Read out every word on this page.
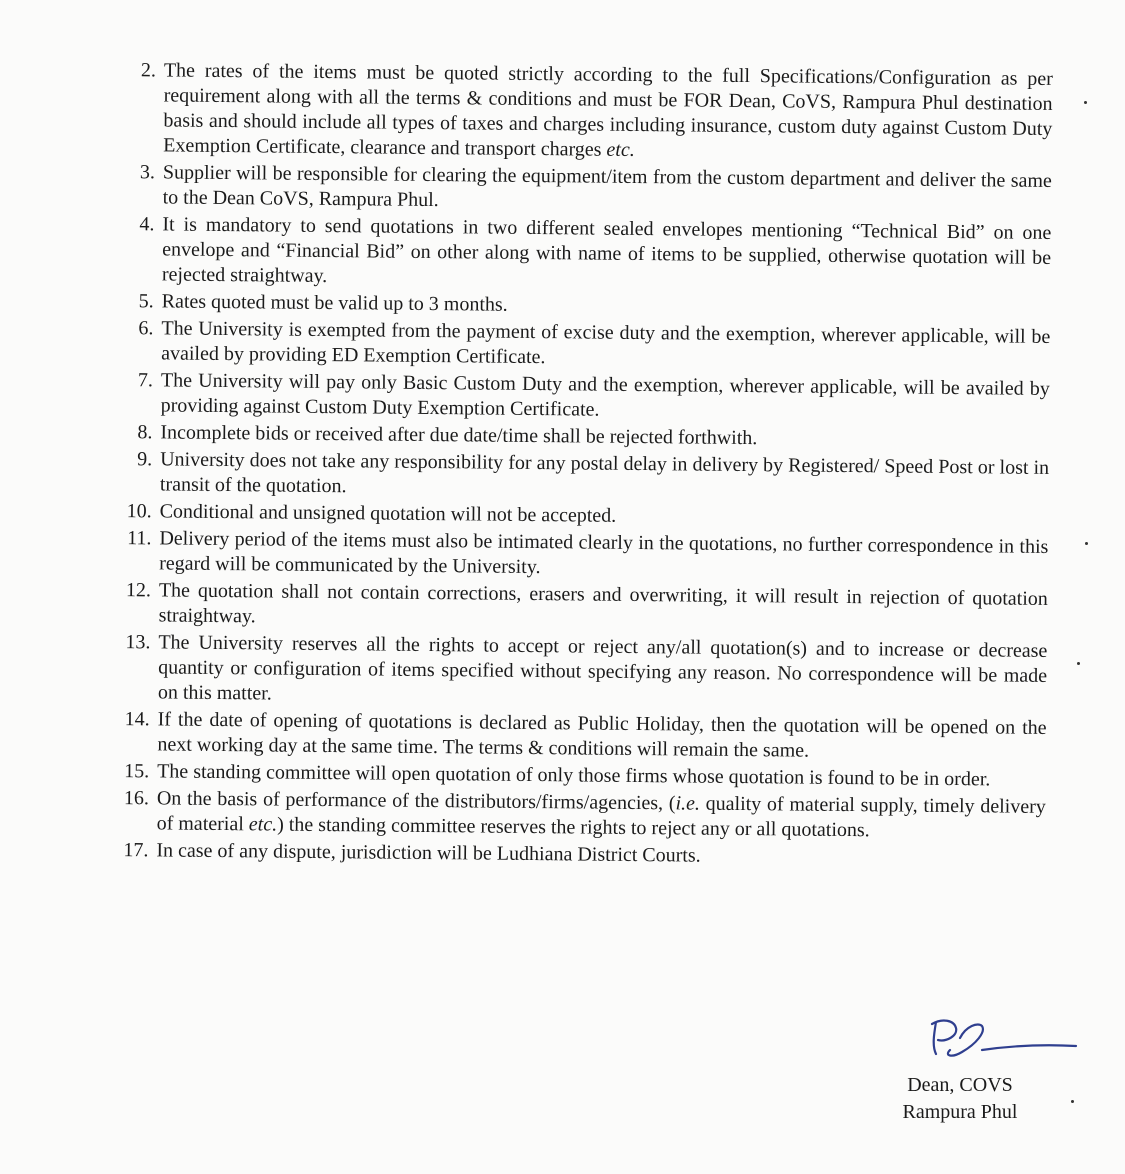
2. The rates of the items must be quoted strictly according to the full Specifications/Configuration as per requirement along with all the terms & conditions and must be FOR Dean, CoVS, Rampura Phul destination basis and should include all types of taxes and charges including insurance, custom duty against Custom Duty Exemption Certificate, clearance and transport charges etc.
3. Supplier will be responsible for clearing the equipment/item from the custom department and deliver the same to the Dean CoVS, Rampura Phul.
4. It is mandatory to send quotations in two different sealed envelopes mentioning “Technical Bid” on one envelope and “Financial Bid” on other along with name of items to be supplied, otherwise quotation will be rejected straightway.
5. Rates quoted must be valid up to 3 months.
6. The University is exempted from the payment of excise duty and the exemption, wherever applicable, will be availed by providing ED Exemption Certificate.
7. The University will pay only Basic Custom Duty and the exemption, wherever applicable, will be availed by providing against Custom Duty Exemption Certificate.
8. Incomplete bids or received after due date/time shall be rejected forthwith.
9. University does not take any responsibility for any postal delay in delivery by Registered/ Speed Post or lost in transit of the quotation.
10. Conditional and unsigned quotation will not be accepted.
11. Delivery period of the items must also be intimated clearly in the quotations, no further correspondence in this regard will be communicated by the University.
12. The quotation shall not contain corrections, erasers and overwriting, it will result in rejection of quotation straightway.
13. The University reserves all the rights to accept or reject any/all quotation(s) and to increase or decrease quantity or configuration of items specified without specifying any reason. No correspondence will be made on this matter.
14. If the date of opening of quotations is declared as Public Holiday, then the quotation will be opened on the next working day at the same time. The terms & conditions will remain the same.
15. The standing committee will open quotation of only those firms whose quotation is found to be in order.
16. On the basis of performance of the distributors/firms/agencies, (i.e. quality of material supply, timely delivery of material etc.) the standing committee reserves the rights to reject any or all quotations.
17. In case of any dispute, jurisdiction will be Ludhiana District Courts.
Dean, COVS
Rampura Phul
